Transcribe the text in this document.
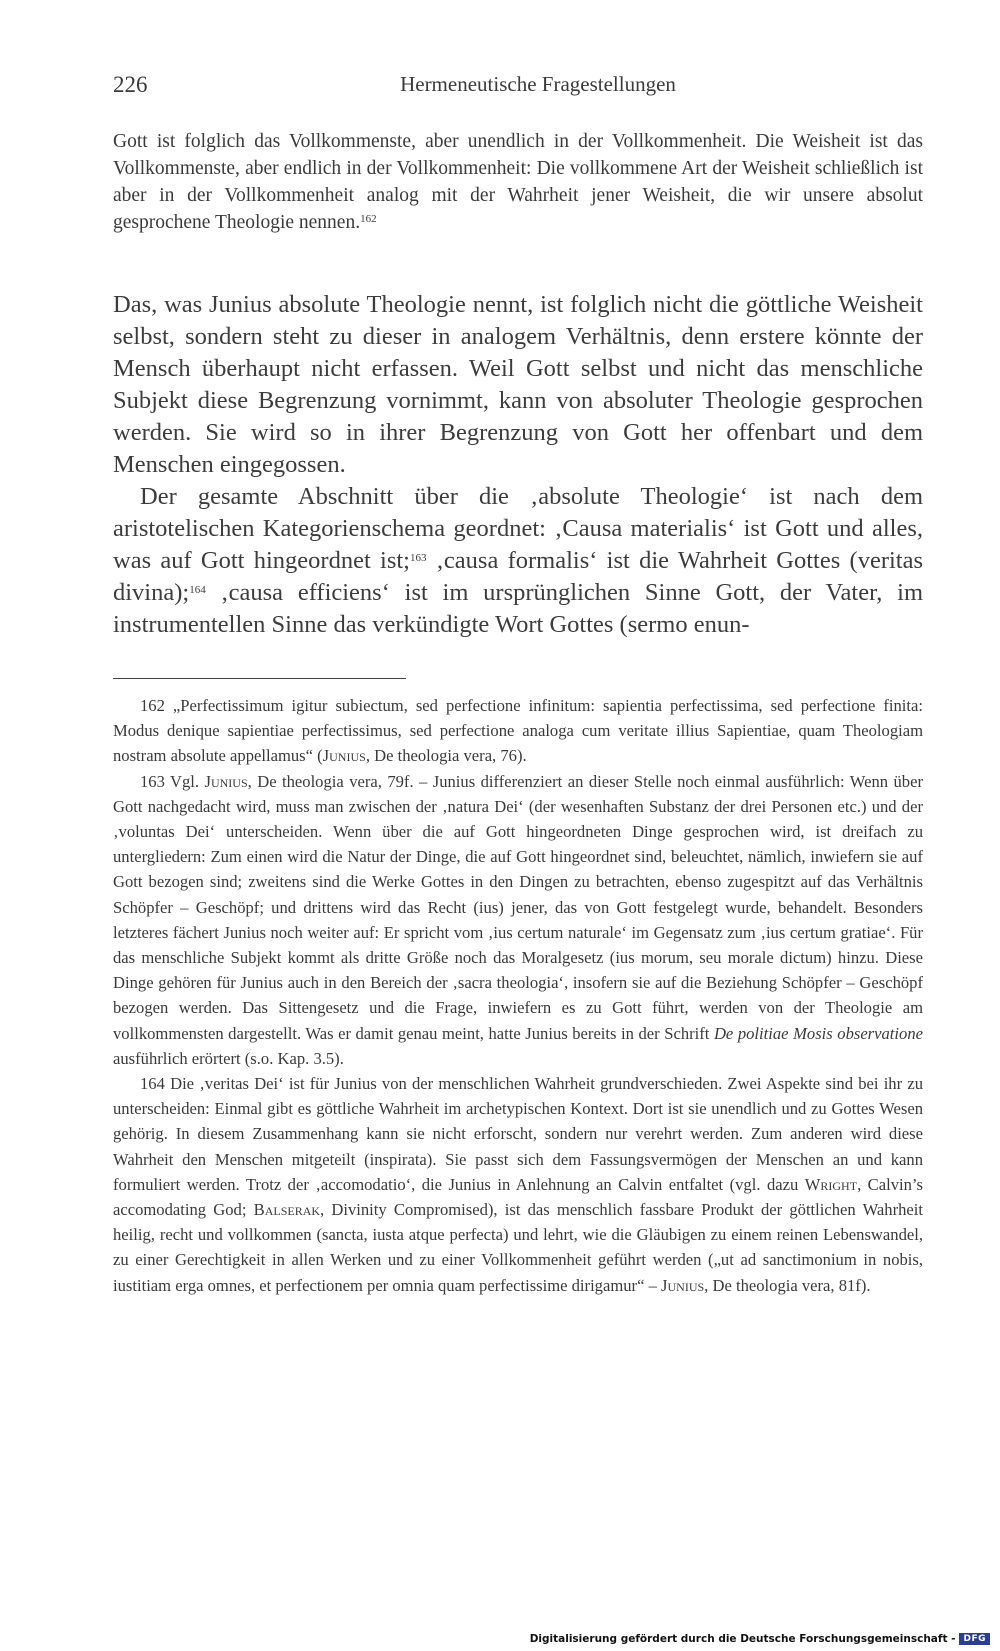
226	Hermeneutische Fragestellungen
Gott ist folglich das Vollkommenste, aber unendlich in der Vollkommenheit. Die Weisheit ist das Vollkommenste, aber endlich in der Vollkommenheit: Die vollkommene Art der Weisheit schließlich ist aber in der Vollkommenheit analog mit der Wahrheit jener Weisheit, die wir unsere absolut gesprochene Theologie nennen.$^{162}$

Das, was Junius absolute Theologie nennt, ist folglich nicht die göttliche Weisheit selbst, sondern steht zu dieser in analogem Verhältnis, denn erstere könnte der Mensch überhaupt nicht erfassen. Weil Gott selbst und nicht das menschliche Subjekt diese Begrenzung vornimmt, kann von absoluter Theologie gesprochen werden. Sie wird so in ihrer Begrenzung von Gott her offenbart und dem Menschen eingegossen.

Der gesamte Abschnitt über die ‚absolute Theologie‘ ist nach dem aristotelischen Kategorienschema geordnet: ‚Causa materialis‘ ist Gott und alles, was auf Gott hingeordnet ist;$^{163}$ ‚causa formalis‘ ist die Wahrheit Gottes (veritas divina);$^{164}$ ‚causa efficiens‘ ist im ursprünglichen Sinne Gott, der Vater, im instrumentellen Sinne das verkündigte Wort Gottes (sermo enun-

162 „Perfectissimum igitur subiectum, sed perfectione infinitum: sapientia perfectissima, sed perfectione finita: Modus denique sapientiae perfectissimus, sed perfectione analoga cum veritate illius Sapientiae, quam Theologiam nostram absolute appellamus“ (Junius, De theologia vera, 76).

163 Vgl. Junius, De theologia vera, 79f. – Junius differenziert an dieser Stelle noch einmal ausführlich: Wenn über Gott nachgedacht wird, muss man zwischen der ‚natura Dei‘ (der wesenhaften Substanz der drei Personen etc.) und der ‚voluntas Dei‘ unterscheiden. Wenn über die auf Gott hingeordneten Dinge gesprochen wird, ist dreifach zu untergliedern: Zum einen wird die Natur der Dinge, die auf Gott hingeordnet sind, beleuchtet, nämlich, inwiefern sie auf Gott bezogen sind; zweitens sind die Werke Gottes in den Dingen zu betrachten, ebenso zugespitzt auf das Verhältnis Schöpfer – Geschöpf; und drittens wird das Recht (ius) jener, das von Gott festgelegt wurde, behandelt. Besonders letzteres fächert Junius noch weiter auf: Er spricht vom ‚ius certum naturale‘ im Gegensatz zum ‚ius certum gratiae‘. Für das menschliche Subjekt kommt als dritte Größe noch das Moralgesetz (ius morum, seu morale dictum) hinzu. Diese Dinge gehören für Junius auch in den Bereich der ‚sacra theologia‘, insofern sie auf die Beziehung Schöpfer – Geschöpf bezogen werden. Das Sittengesetz und die Frage, inwiefern es zu Gott führt, werden von der Theologie am vollkommensten dargestellt. Was er damit genau meint, hatte Junius bereits in der Schrift De politiae Mosis observatione ausführlich erörtert (s.o. Kap. 3.5).

164 Die ‚veritas Dei‘ ist für Junius von der menschlichen Wahrheit grundverschieden. Zwei Aspekte sind bei ihr zu unterscheiden: Einmal gibt es göttliche Wahrheit im archetypischen Kontext. Dort ist sie unendlich und zu Gottes Wesen gehörig. In diesem Zusammenhang kann sie nicht erforscht, sondern nur verehrt werden. Zum anderen wird diese Wahrheit den Menschen mitgeteilt (inspirata). Sie passt sich dem Fassungsvermögen der Menschen an und kann formuliert werden. Trotz der ‚accomodatio‘, die Junius in Anlehnung an Calvin entfaltet (vgl. dazu Wright, Calvin’s accomodating God; Balserak, Divinity Compromised), ist das menschlich fassbare Produkt der göttlichen Wahrheit heilig, recht und vollkommen (sancta, iusta atque perfecta) und lehrt, wie die Gläubigen zu einem reinen Lebenswandel, zu einer Gerechtigkeit in allen Werken und zu einer Vollkommenheit geführt werden („ut ad sanctimonium in nobis, iustitiam erga omnes, et perfectionem per omnia quam perfectissime dirigamur“ – Junius, De theologia vera, 81f).

Digitalisierung gefördert durch die Deutsche Forschungsgemeinschaft - DFG
